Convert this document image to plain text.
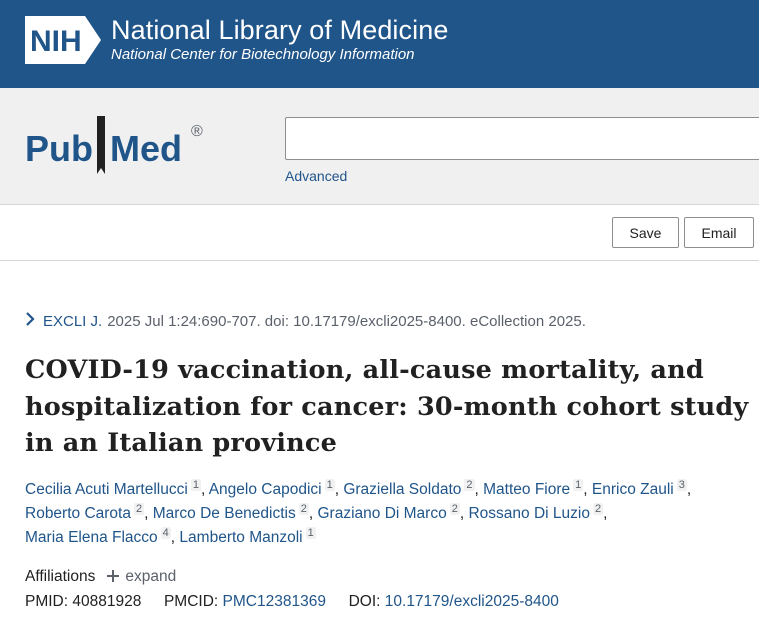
NIH National Library of Medicine
National Center for Biotechnology Information
Pub Med ®
Advanced
Save	Email
EXCLI J. 2025 Jul 1:24:690-707. doi: 10.17179/excli2025-8400. eCollection 2025.
COVID-19 vaccination, all-cause mortality, and hospitalization for cancer: 30-month cohort study in an Italian province
Cecilia Acuti Martellucci 1 , Angelo Capodici 1 , Graziella Soldato 2 , Matteo Fiore 1 , Enrico Zauli 3 ,
Roberto Carota 2 , Marco De Benedictis 2 , Graziano Di Marco 2 , Rossano Di Luzio 2 ,
Maria Elena Flacco 4 , Lamberto Manzoli 1
Affiliations expand
PMID: 40881928 PMCID: PMC12381369 DOI: 10.17179/excli2025-8400
